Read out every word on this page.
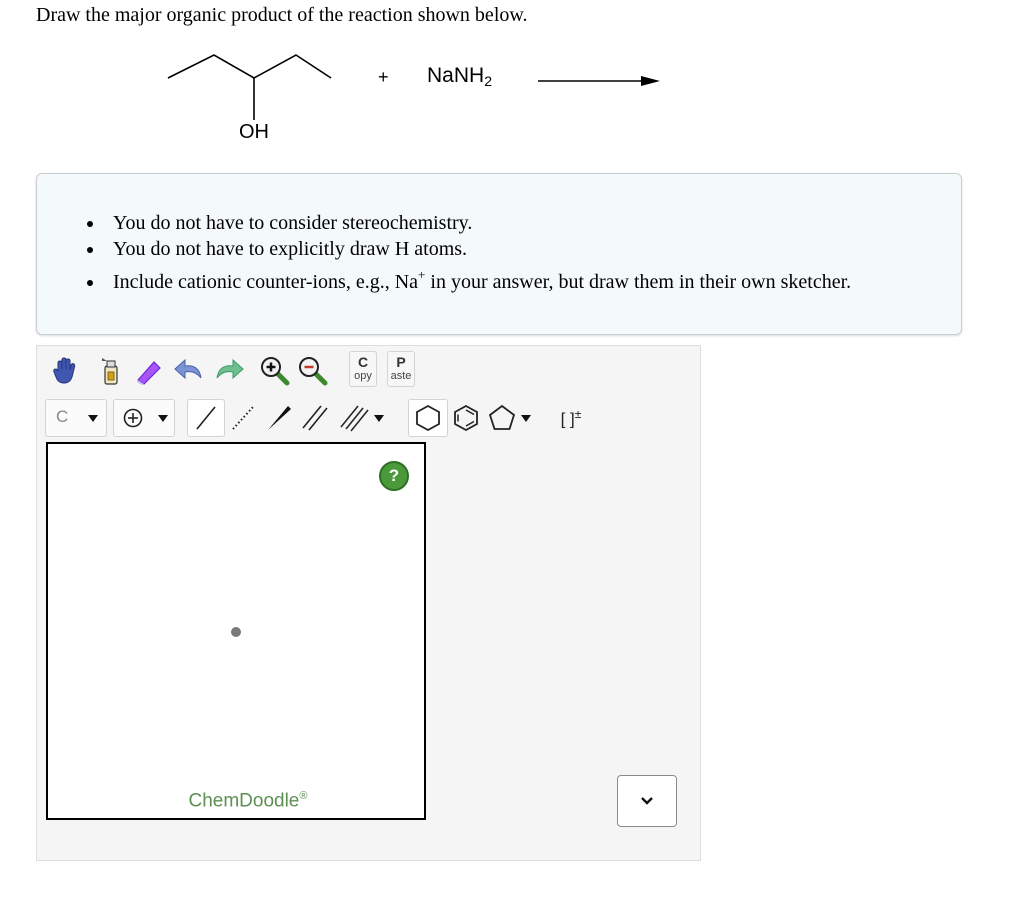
Draw the major organic product of the reaction shown below.
+ NaNH$_2$
OH
You do not have to consider stereochemistry.
You do not have to explicitly draw H atoms.
Include cationic counter-ions, e.g., Na+ in your answer, but draw them in their own sketcher.
C
opy
P
aste
C	[ ]±
?
ChemDoodle®
